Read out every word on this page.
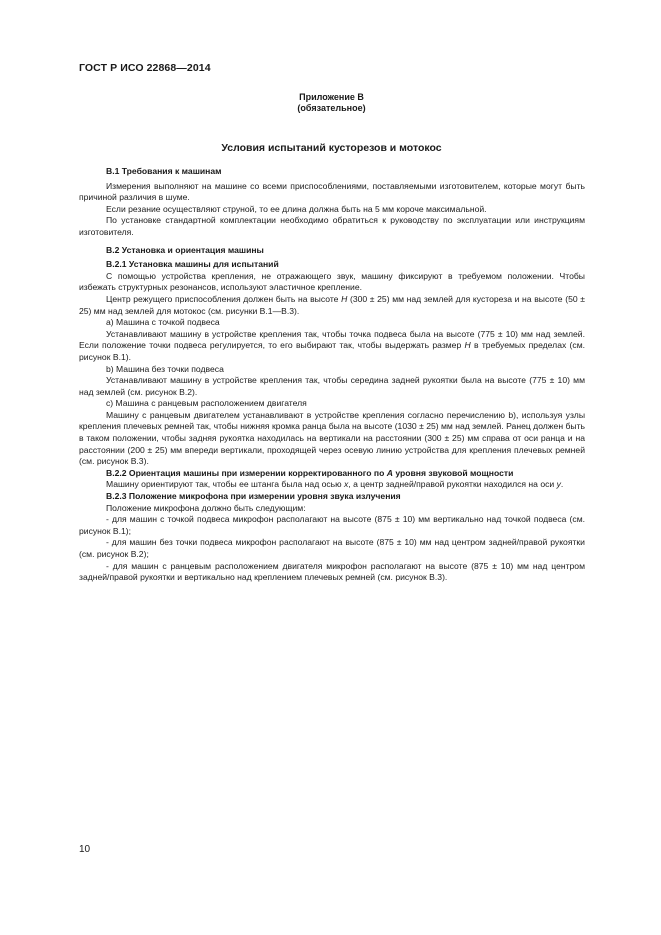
ГОСТ Р ИСО 22868—2014
Приложение В
(обязательное)
Условия испытаний кусторезов и мотокос

В.1 Требования к машинам

Измерения выполняют на машине со всеми приспособлениями, поставляемыми изготовителем, которые могут быть причиной различия в шуме.

Если резание осуществляют струной, то ее длина должна быть на 5 мм короче максимальной.

По установке стандартной комплектации необходимо обратиться к руководству по эксплуатации или инструкциям изготовителя.

В.2 Установка и ориентация машины

В.2.1 Установка машины для испытаний

С помощью устройства крепления, не отражающего звук, машину фиксируют в требуемом положении. Чтобы избежать структурных резонансов, используют эластичное крепление.

Центр режущего приспособления должен быть на высоте H (300 ± 25) мм над землей для кустореза и на высоте (50 ± 25) мм над землей для мотокос (см. рисунки В.1—В.3).

a) Машина с точкой подвеса

Устанавливают машину в устройстве крепления так, чтобы точка подвеса была на высоте (775 ± 10) мм над землей. Если положение точки подвеса регулируется, то его выбирают так, чтобы выдержать размер H в требуемых пределах (см. рисунок В.1).

b) Машина без точки подвеса

Устанавливают машину в устройстве крепления так, чтобы середина задней рукоятки была на высоте (775 ± 10) мм над землей (см. рисунок В.2).

c) Машина с ранцевым расположением двигателя

Машину с ранцевым двигателем устанавливают в устройстве крепления согласно перечислению b), используя узлы крепления плечевых ремней так, чтобы нижняя кромка ранца была на высоте (1030 ± 25) мм над землей. Ранец должен быть в таком положении, чтобы задняя рукоятка находилась на вертикали на расстоянии (300 ± 25) мм справа от оси ранца и на расстоянии (200 ± 25) мм впереди вертикали, проходящей через осевую линию устройства для крепления плечевых ремней (см. рисунок В.3).

В.2.2 Ориентация машины при измерении корректированного по А уровня звуковой мощности

Машину ориентируют так, чтобы ее штанга была над осью x, а центр задней/правой рукоятки находился на оси y.

В.2.3 Положение микрофона при измерении уровня звука излучения

Положение микрофона должно быть следующим:

- для машин с точкой подвеса микрофон располагают на высоте (875 ± 10) мм вертикально над точкой подвеса (см. рисунок В.1);

- для машин без точки подвеса микрофон располагают на высоте (875 ± 10) мм над центром задней/правой рукоятки (см. рисунок В.2);

- для машин с ранцевым расположением двигателя микрофон располагают на высоте (875 ± 10) мм над центром задней/правой рукоятки и вертикально над креплением плечевых ремней (см. рисунок В.3).

10
